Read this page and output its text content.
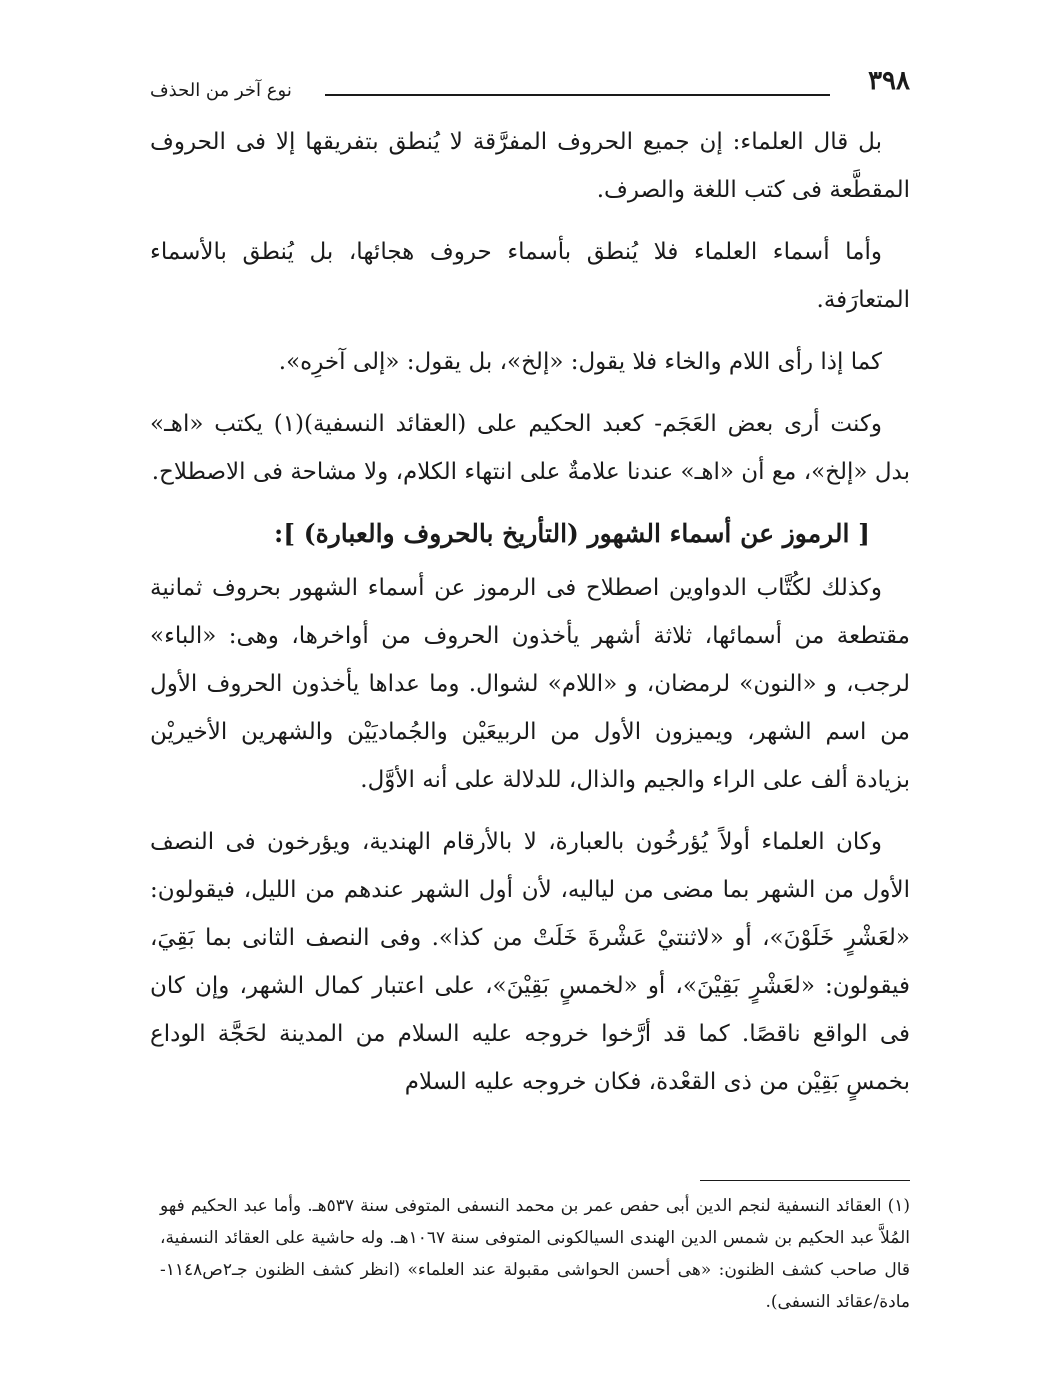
٣٩٨
نوع آخر من الحذف

بل قال العلماء: إن جميع الحروف المفرَّقة لا يُنطق بتفريقها إلا فى الحروف المقطَّعة فى كتب اللغة والصرف.

وأما أسماء العلماء فلا يُنطق بأسماء حروف هجائها، بل يُنطق بالأسماء المتعارَفة.

كما إذا رأى اللام والخاء فلا يقول: «إلخ»، بل يقول: «إلى آخرِه».

وكنت أرى بعض العَجَم- كعبد الحكيم على (العقائد النسفية)(١) يكتب «اهـ» بدل «إلخ»، مع أن «اهـ» عندنا علامةٌ على انتهاء الكلام، ولا مشاحة فى الاصطلاح.

[ الرموز عن أسماء الشهور (التأريخ بالحروف والعبارة) ]:

وكذلك لكُتَّاب الدواوين اصطلاح فى الرموز عن أسماء الشهور بحروف ثمانية مقتطعة من أسمائها، ثلاثة أشهر يأخذون الحروف من أواخرها، وهى: «الباء» لرجب، و «النون» لرمضان، و «اللام» لشوال. وما عداها يأخذون الحروف الأول من اسم الشهر، ويميزون الأول من الربيعَيْن والجُماديَيْن والشهرين الأخيريْن بزيادة ألف على الراء والجيم والذال، للدلالة على أنه الأوَّل.

وكان العلماء أولاً يُؤرخُون بالعبارة، لا بالأرقام الهندية، ويؤرخون فى النصف الأول من الشهر بما مضى من لياليه، لأن أول الشهر عندهم من الليل، فيقولون: «لعَشْرٍ خَلَوْنَ»، أو «لاثنتيْ عَشْرةَ خَلَتْ من كذا». وفى النصف الثانى بما بَقِيَ، فيقولون: «لعَشْرٍ بَقِيْنَ»، أو «لخمسٍ بَقِيْنَ»، على اعتبار كمال الشهر، وإن كان فى الواقع ناقصًا. كما قد أرَّخوا خروجه عليه السلام من المدينة لحَجَّة الوداع بخمسٍ بَقِيْن من ذى القعْدة، فكان خروجه عليه السلام

(١)العقائد النسفية لنجم الدين أبى حفص عمر بن محمد النسفى المتوفى سنة ٥٣٧هـ. وأما عبد الحكيم فهو المُلاَّ عبد الحكيم بن شمس الدين الهندى السيالكونى المتوفى سنة ١٠٦٧هـ. وله حاشية على العقائد النسفية، قال صاحب كشف الظنون: «هى أحسن الحواشى مقبولة عند العلماء» (انظر كشف الظنون جـ٢ص١١٤٨-مادة/عقائد النسفى).
